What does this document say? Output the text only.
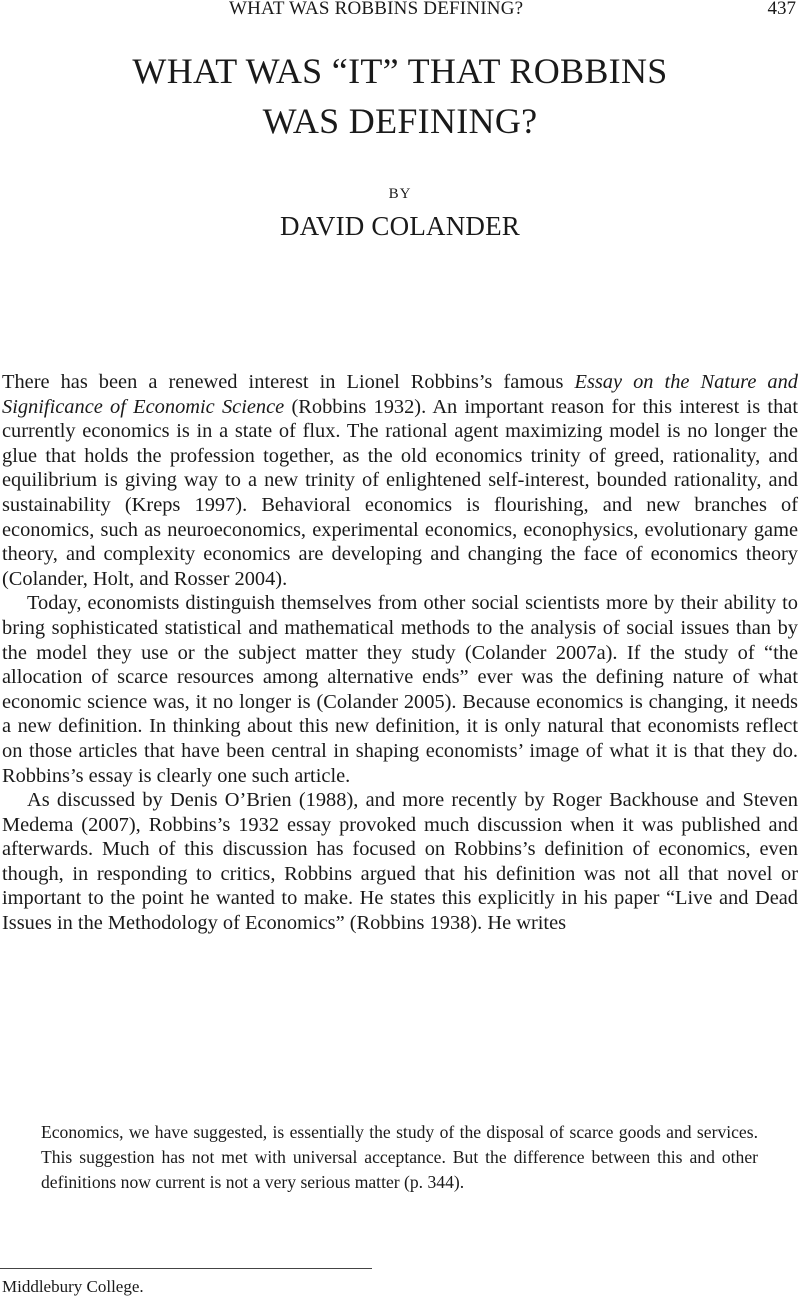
WHAT WAS ROBBINS DEFINING?	437
WHAT WAS “IT” THAT ROBBINS
WAS DEFINING?
BY
DAVID COLANDER

There has been a renewed interest in Lionel Robbins’s famous Essay on the Nature and Significance of Economic Science (Robbins 1932). An important reason for this interest is that currently economics is in a state of flux. The rational agent maximizing model is no longer the glue that holds the profession together, as the old economics trinity of greed, rationality, and equilibrium is giving way to a new trinity of enlightened self-interest, bounded rationality, and sustainability (Kreps 1997). Behavioral economics is flourishing, and new branches of economics, such as neuroeconomics, experimental economics, econophysics, evolutionary game theory, and complexity economics are developing and changing the face of economics theory (Colander, Holt, and Rosser 2004).

Today, economists distinguish themselves from other social scientists more by their ability to bring sophisticated statistical and mathematical methods to the analysis of social issues than by the model they use or the subject matter they study (Colander 2007a). If the study of “the allocation of scarce resources among alternative ends” ever was the defining nature of what economic science was, it no longer is (Colander 2005). Because economics is changing, it needs a new definition. In thinking about this new definition, it is only natural that economists reflect on those articles that have been central in shaping economists’ image of what it is that they do. Robbins’s essay is clearly one such article.

As discussed by Denis O’Brien (1988), and more recently by Roger Backhouse and Steven Medema (2007), Robbins’s 1932 essay provoked much discussion when it was published and afterwards. Much of this discussion has focused on Robbins’s definition of economics, even though, in responding to critics, Robbins argued that his definition was not all that novel or important to the point he wanted to make. He states this explicitly in his paper “Live and Dead Issues in the Methodology of Economics” (Robbins 1938). He writes

Economics, we have suggested, is essentially the study of the disposal of scarce goods and services. This suggestion has not met with universal acceptance. But the difference between this and other definitions now current is not a very serious matter (p. 344).

Middlebury College.
